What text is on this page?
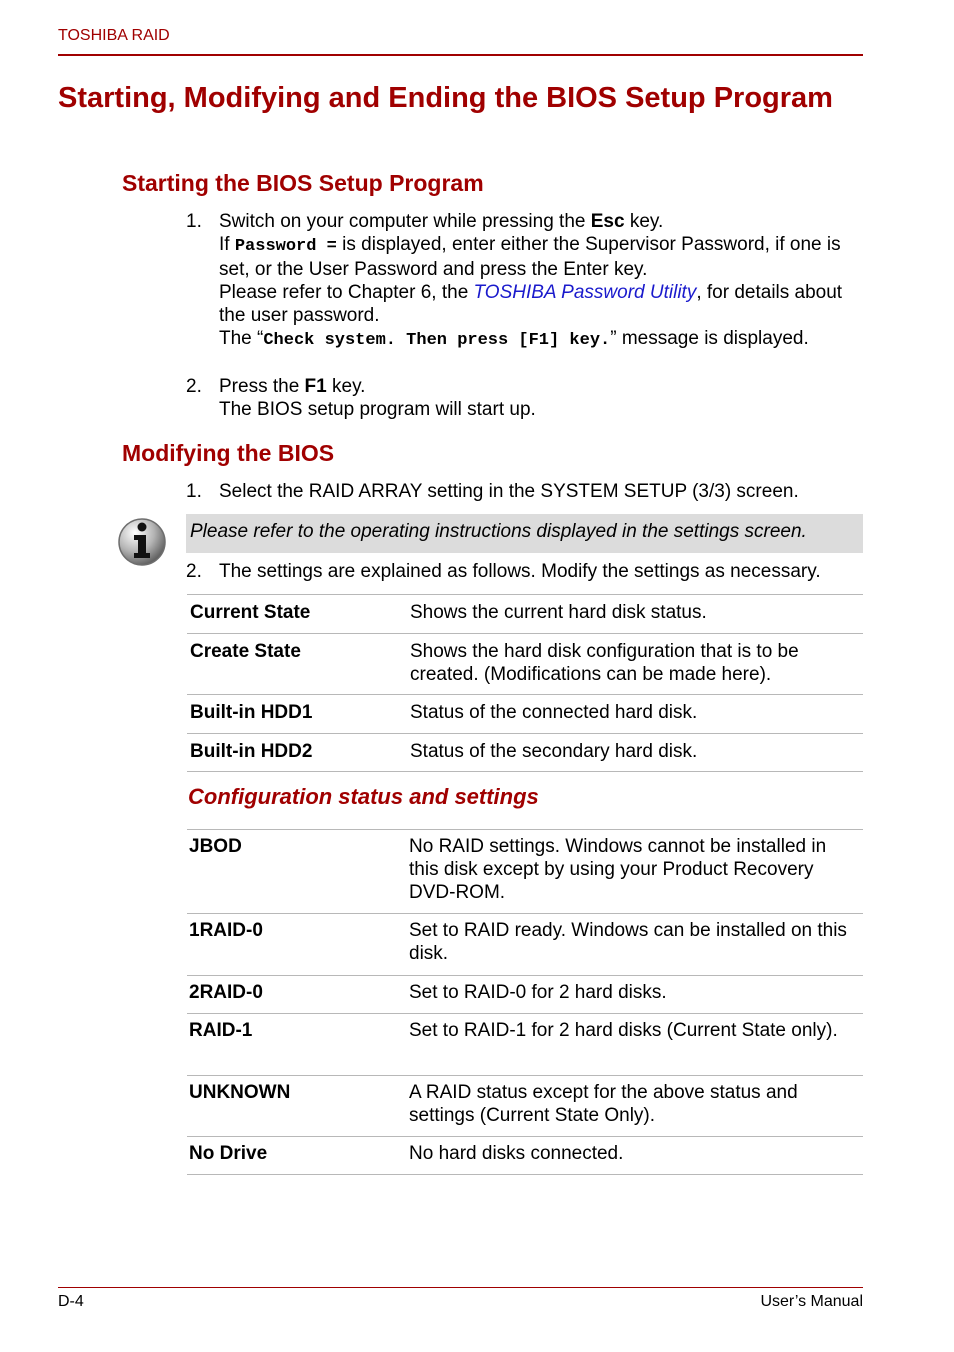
TOSHIBA RAID
Starting, Modifying and Ending the BIOS Setup Program
Starting the BIOS Setup Program
1. Switch on your computer while pressing the Esc key.
If Password = is displayed, enter either the Supervisor Password, if one is set, or the User Password and press the Enter key.
Please refer to Chapter 6, the TOSHIBA Password Utility, for details about the user password.
The “Check system. Then press [F1] key.” message is displayed.
2. Press the F1 key.
The BIOS setup program will start up.
Modifying the BIOS
1. Select the RAID ARRAY setting in the SYSTEM SETUP (3/3) screen.
Please refer to the operating instructions displayed in the settings screen.
2. The settings are explained as follows. Modify the settings as necessary.
Current State	Shows the current hard disk status.
Create State	Shows the hard disk configuration that is to be created. (Modifications can be made here).
Built-in HDD1	Status of the connected hard disk.
Built-in HDD2	Status of the secondary hard disk.
Configuration status and settings
JBOD	No RAID settings. Windows cannot be installed in this disk except by using your Product Recovery DVD-ROM.
1RAID-0	Set to RAID ready. Windows can be installed on this disk.
2RAID-0	Set to RAID-0 for 2 hard disks.
RAID-1	Set to RAID-1 for 2 hard disks (Current State only).
UNKNOWN	A RAID status except for the above status and settings (Current State Only).
No Drive	No hard disks connected.
D-4	User’s Manual
